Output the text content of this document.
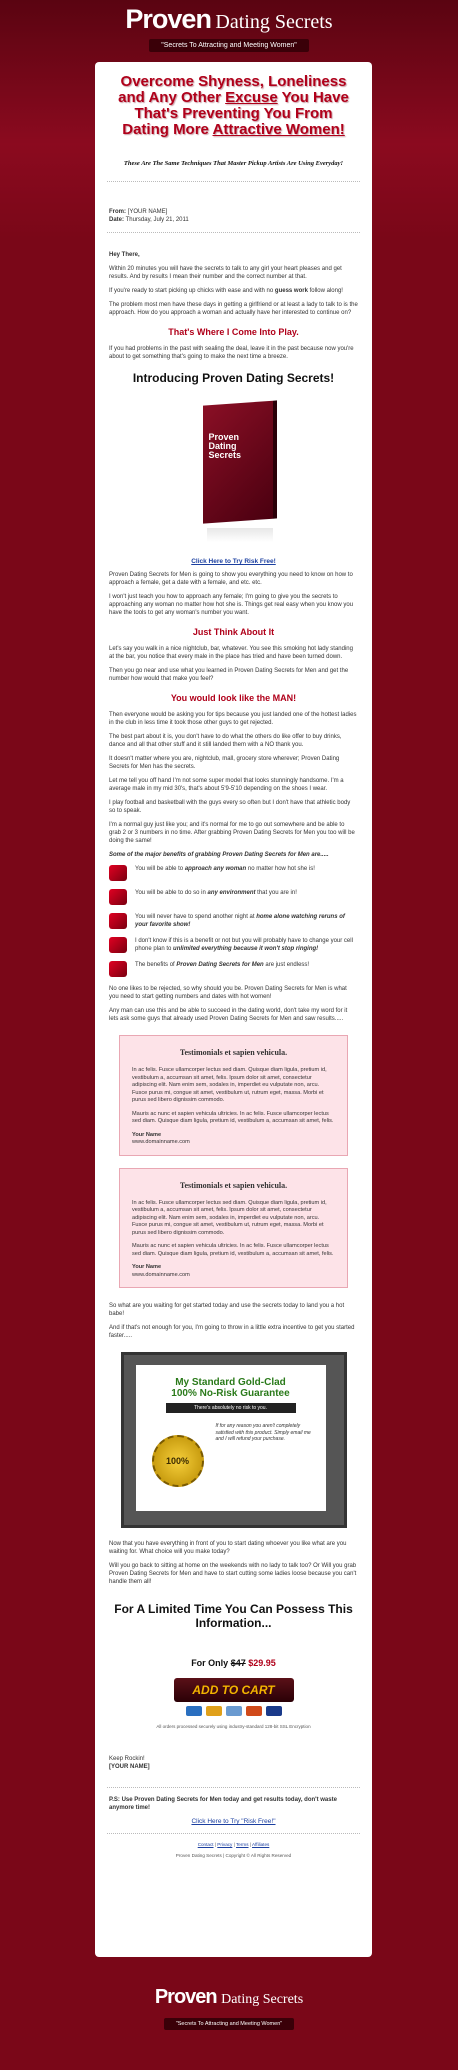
Proven Dating Secrets
"Secrets To Attracting and Meeting Women"
Overcome Shyness, Loneliness
and Any Other Excuse You Have
That's Preventing You From
Dating More Attractive Women!
These Are The Same Techniques That Master Pickup Artists Are Using Everyday!

From: [YOUR NAME]
Date: Thursday, July 21, 2011

Hey There,

Within 20 minutes you will have the secrets to talk to any girl your heart pleases and get results. And by results I mean their number and the correct number at that.

If you're ready to start picking up chicks with ease and with no guess work follow along!

The problem most men have these days in getting a girlfriend or at least a lady to talk to is the approach. How do you approach a woman and actually have her interested to continue on?

That's Where I Come Into Play.

If you had problems in the past with sealing the deal, leave it in the past because now you're about to get something that's going to make the next time a breeze.

Introducing Proven Dating Secrets!
Proven Dating Secrets
Click Here to Try Risk Free!

Proven Dating Secrets for Men is going to show you everything you need to know on how to approach a female, get a date with a female, and etc. etc.

I won't just teach you how to approach any female; I'm going to give you the secrets to approaching any woman no matter how hot she is. Things get real easy when you know you have the tools to get any woman's number you want.

Just Think About It

Let's say you walk in a nice nightclub, bar, whatever. You see this smoking hot lady standing at the bar, you notice that every male in the place has tried and have been turned down.

Then you go near and use what you learned in Proven Dating Secrets for Men and get the number how would that make you feel?

You would look like the MAN!

Then everyone would be asking you for tips because you just landed one of the hottest ladies in the club in less time it took those other guys to get rejected.

The best part about it is, you don't have to do what the others do like offer to buy drinks, dance and all that other stuff and it still landed them with a NO thank you.

It doesn't matter where you are, nightclub, mall, grocery store wherever; Proven Dating Secrets for Men has the secrets.

Let me tell you off hand I'm not some super model that looks stunningly handsome. I'm a average male in my mid 30's, that's about 5'9-5'10 depending on the shoes I wear.

I play football and basketball with the guys every so often but I don't have that athletic body so to speak.

I'm a normal guy just like you; and it's normal for me to go out somewhere and be able to grab 2 or 3 numbers in no time. After grabbing Proven Dating Secrets for Men you too will be doing the same!

Some of the major benefits of grabbing Proven Dating Secrets for Men are.....

You will be able to approach any woman no matter how hot she is!
You will be able to do so in any environment that you are in!
You will never have to spend another night at home alone watching reruns of your favorite show!
I don't know if this is a benefit or not but you will probably have to change your cell phone plan to unlimited everything because it won't stop ringing!
The benefits of Proven Dating Secrets for Men are just endless!

No one likes to be rejected, so why should you be. Proven Dating Secrets for Men is what you need to start getting numbers and dates with hot women!

Any man can use this and be able to succeed in the dating world, don't take my word for it lets ask some guys that already used Proven Dating Secrets for Men and saw results.....

Testimonials et sapien vehicula.

In ac felis. Fusce ullamcorper lectus sed diam. Quisque diam ligula, pretium id, vestibulum a, accumsan sit amet, felis. Ipsum dolor sit amet, consectetur adipiscing elit. Nam enim sem, sodales in, imperdiet eu vulputate non, arcu. Fusce purus mi, congue sit amet, vestibulum ut, rutrum eget, massa. Morbi et purus sed libero dignissim commodo.

Mauris ac nunc et sapien vehicula ultricies. In ac felis. Fusce ullamcorper lectus sed diam. Quisque diam ligula, pretium id, vestibulum a, accumsan sit amet, felis.

Your Name

www.domainname.com

Testimonials et sapien vehicula.

In ac felis. Fusce ullamcorper lectus sed diam. Quisque diam ligula, pretium id, vestibulum a, accumsan sit amet, felis. Ipsum dolor sit amet, consectetur adipiscing elit. Nam enim sem, sodales in, imperdiet eu vulputate non, arcu. Fusce purus mi, congue sit amet, vestibulum ut, rutrum eget, massa. Morbi et purus sed libero dignissim commodo.

Mauris ac nunc et sapien vehicula ultricies. In ac felis. Fusce ullamcorper lectus sed diam. Quisque diam ligula, pretium id, vestibulum a, accumsan sit amet, felis.

Your Name

www.domainname.com

So what are you waiting for get started today and use the secrets today to land you a hot babe!

And if that's not enough for you, I'm going to throw in a little extra incentive to get you started faster.....

My Standard Gold-Clad
100% No-Risk Guarantee
There's absolutely no risk to you.
100%
If for any reason you aren't completely satisfied with this product. Simply email me and I will refund your purchase.

Now that you have everything in front of you to start dating whoever you like what are you waiting for. What choice will you make today?

Will you go back to sitting at home on the weekends with no lady to talk too? Or Will you grab Proven Dating Secrets for Men and have to start cutting some ladies loose because you can't handle them all!

For A Limited Time You Can Possess This Information...
For Only $47 $29.95
ADD TO CART
All orders processed securely using industry-standard 128-bit SSL Encryption

Keep Rockin!

[YOUR NAME]

P.S: Use Proven Dating Secrets for Men today and get results today, don't waste anymore time!

Click Here to Try "Risk Free!"
Contact | Privacy | Terms | Affiliates
Proven Dating Secrets | Copyright © All Rights Reserved
Proven Dating Secrets
"Secrets To Attracting and Meeting Women"
